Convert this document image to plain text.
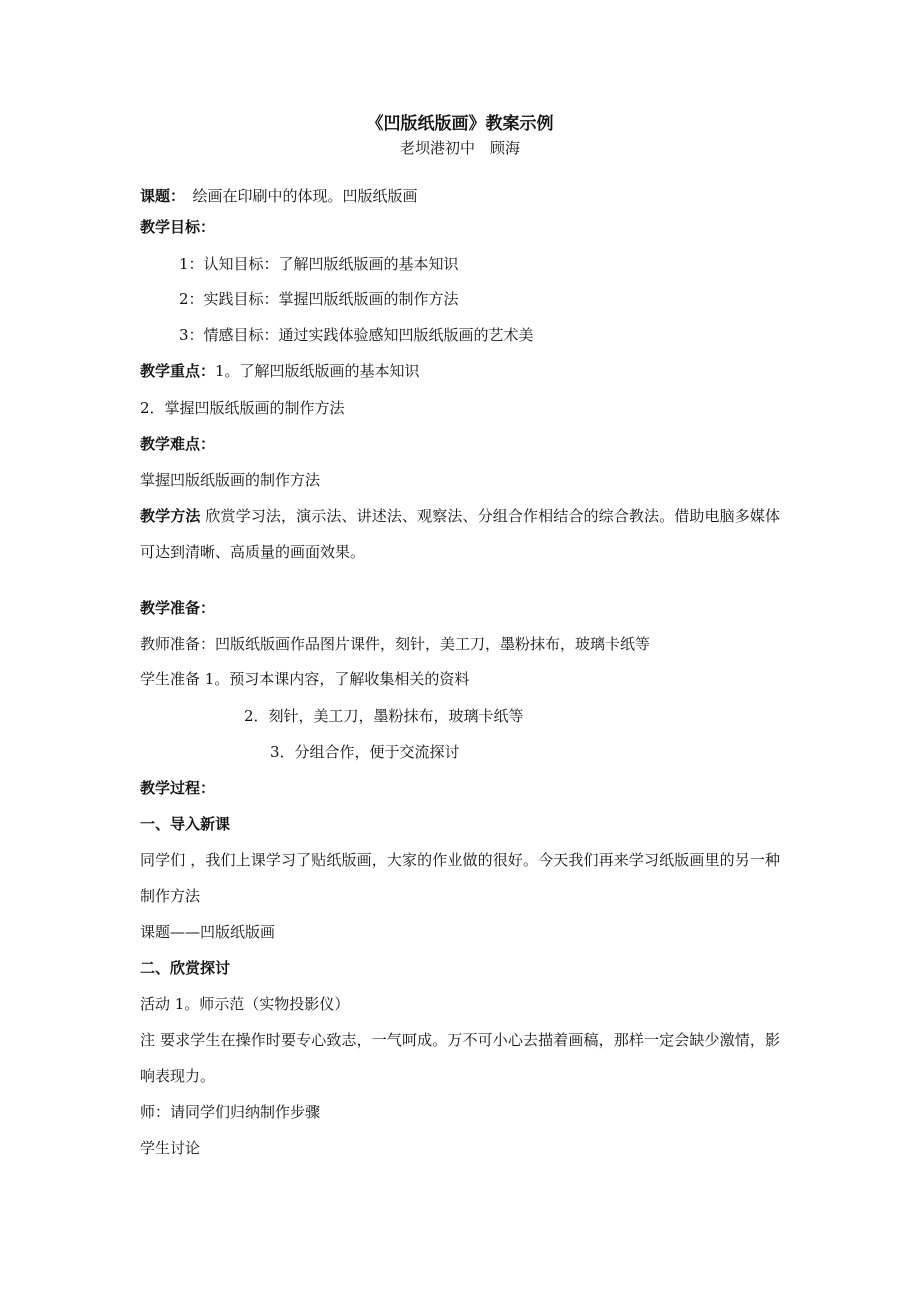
《凹版纸版画》教案示例
老坝港初中　顾海
课题：　绘画在印刷中的体现。凹版纸版画
教学目标：
1：认知目标：了解凹版纸版画的基本知识
2：实践目标：掌握凹版纸版画的制作方法
3：情感目标：通过实践体验感知凹版纸版画的艺术美
教学重点：1。了解凹版纸版画的基本知识
2．掌握凹版纸版画的制作方法
教学难点：
掌握凹版纸版画的制作方法
教学方法 欣赏学习法，演示法、讲述法、观察法、分组合作相结合的综合教法。借助电脑多媒体可达到清晰、高质量的画面效果。
教学准备：
教师准备：凹版纸版画作品图片课件，刻针，美工刀，墨粉抹布，玻璃卡纸等
学生准备 1。预习本课内容，了解收集相关的资料
2．刻针，美工刀，墨粉抹布，玻璃卡纸等
3．分组合作，便于交流探讨
教学过程：
一、导入新课
同学们 ，我们上课学习了贴纸版画，大家的作业做的很好。今天我们再来学习纸版画里的另一种制作方法
课题——凹版纸版画
二、欣赏探讨
活动 1。师示范（实物投影仪）
注 要求学生在操作时要专心致志，一气呵成。万不可小心去描着画稿，那样一定会缺少激情，影响表现力。
师：请同学们归纳制作步骤
学生讨论
